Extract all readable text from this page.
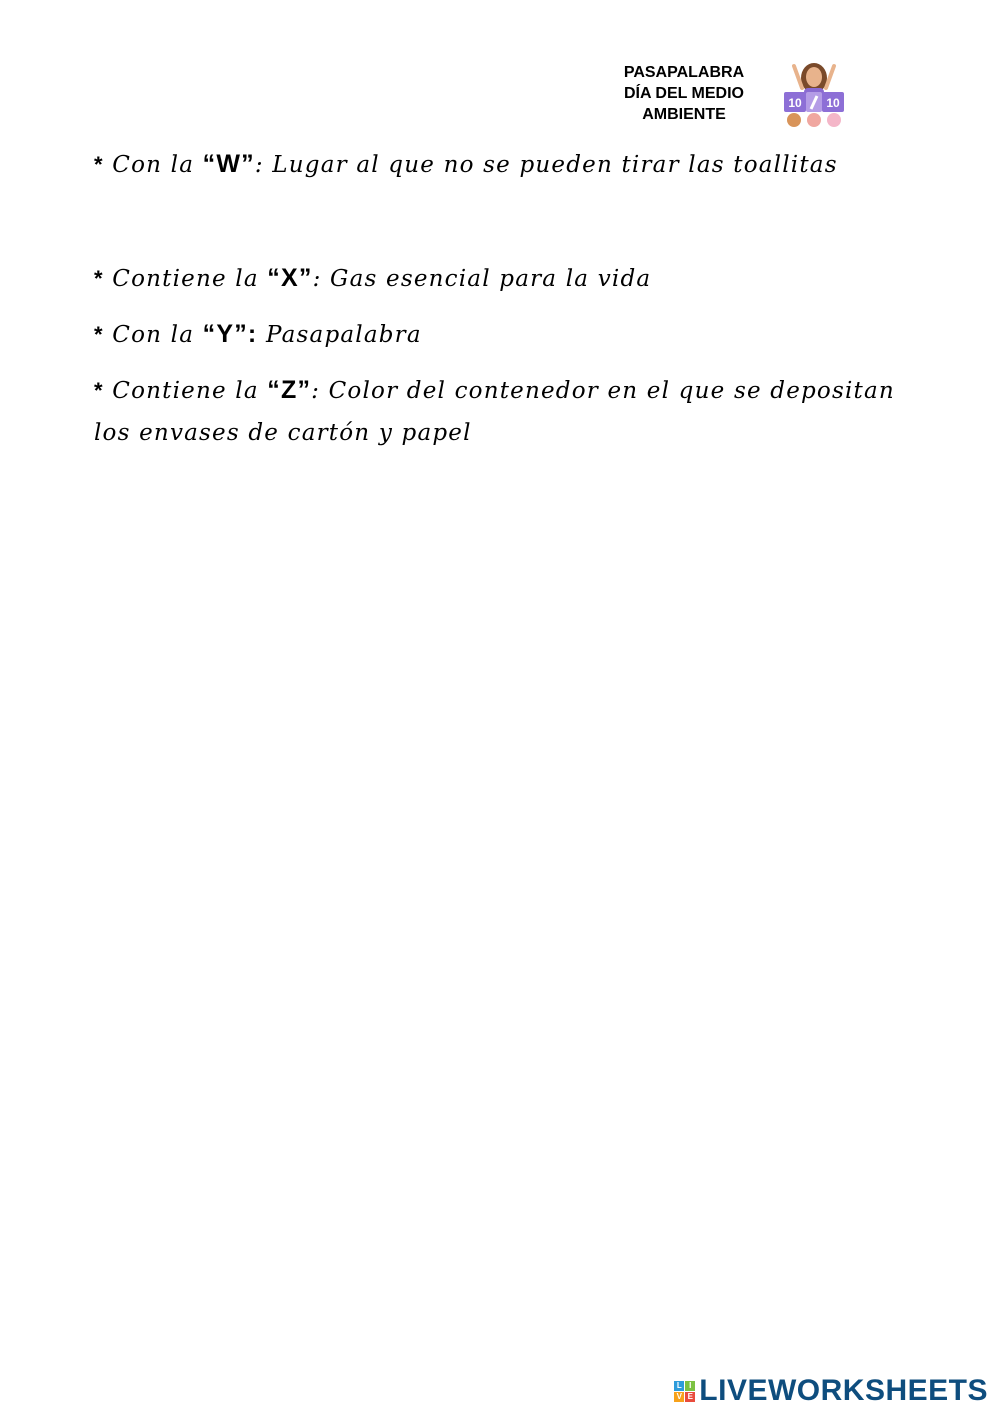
PASAPALABRA
DÍA DEL MEDIO
AMBIENTE
10 10
* Con la “W”: Lugar al que no se pueden tirar las toallitas
* Contiene la “X”: Gas esencial para la vida
* Con la “Y”: Pasapalabra
* Contiene la “Z”: Color del contenedor en el que se depositan
los envases de cartón y papel
L I
V E LIVEWORKSHEETS
